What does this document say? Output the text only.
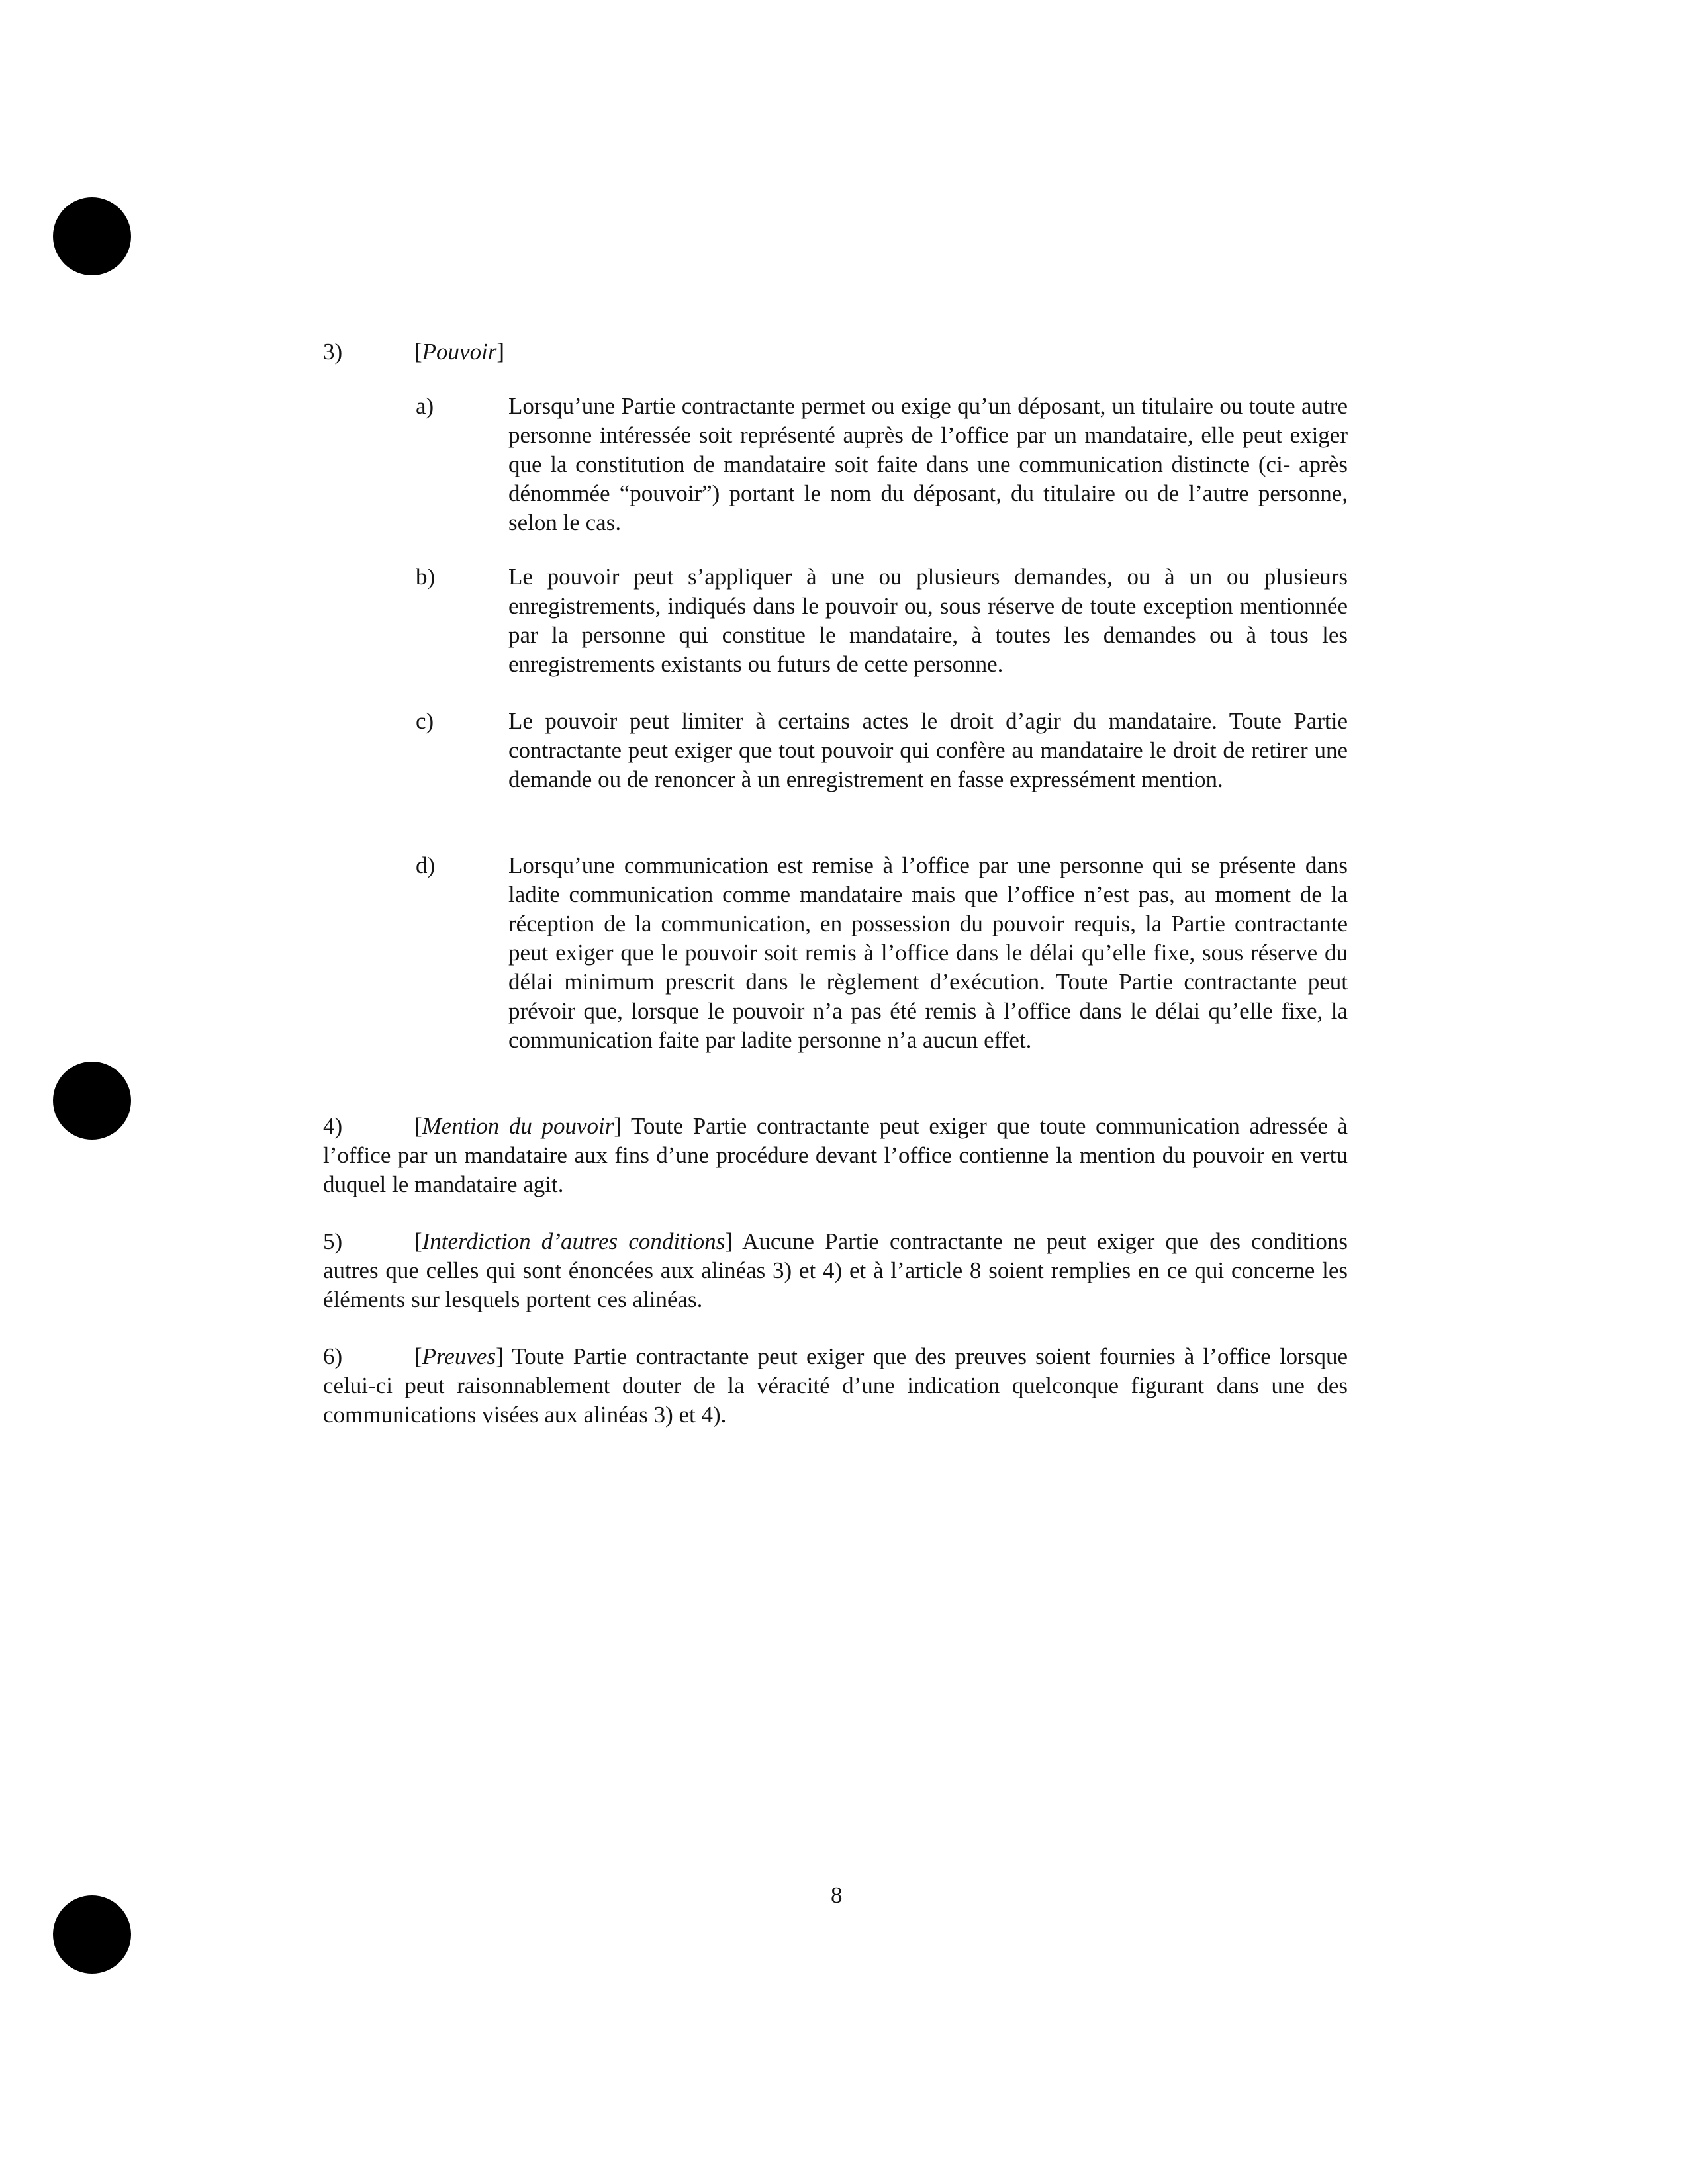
3)	[Pouvoir]
a)	Lorsqu’une Partie contractante permet ou exige qu’un déposant, un titulaire ou toute autre personne intéressée soit représenté auprès de l’office par un mandataire, elle peut exiger que la constitution de mandataire soit faite dans une communication distincte (ci- après dénommée “pouvoir”) portant le nom du déposant, du titulaire ou de l’autre personne, selon le cas.
b)	Le pouvoir peut s’appliquer à une ou plusieurs demandes, ou à un ou plusieurs enregistrements, indiqués dans le pouvoir ou, sous réserve de toute exception mentionnée par la personne qui constitue le mandataire, à toutes les demandes ou à tous les enregistrements existants ou futurs de cette personne.
c)	Le pouvoir peut limiter à certains actes le droit d’agir du mandataire. Toute Partie contractante peut exiger que tout pouvoir qui confère au mandataire le droit de retirer une demande ou de renoncer à un enregistrement en fasse expressément mention.
d)	Lorsqu’une communication est remise à l’office par une personne qui se présente dans ladite communication comme mandataire mais que l’office n’est pas, au moment de la réception de la communication, en possession du pouvoir requis, la Partie contractante peut exiger que le pouvoir soit remis à l’office dans le délai qu’elle fixe, sous réserve du délai minimum prescrit dans le règlement d’exécution. Toute Partie contractante peut prévoir que, lorsque le pouvoir n’a pas été remis à l’office dans le délai qu’elle fixe, la communication faite par ladite personne n’a aucun effet.
4)	[Mention du pouvoir] Toute Partie contractante peut exiger que toute communication adressée à l’office par un mandataire aux fins d’une procédure devant l’office contienne la mention du pouvoir en vertu duquel le mandataire agit.
5)	[Interdiction d’autres conditions] Aucune Partie contractante ne peut exiger que des conditions autres que celles qui sont énoncées aux alinéas 3) et 4) et à l’article 8 soient remplies en ce qui concerne les éléments sur lesquels portent ces alinéas.
6)	[Preuves] Toute Partie contractante peut exiger que des preuves soient fournies à l’office lorsque celui-ci peut raisonnablement douter de la véracité d’une indication quelconque figurant dans une des communications visées aux alinéas 3) et 4).
8
